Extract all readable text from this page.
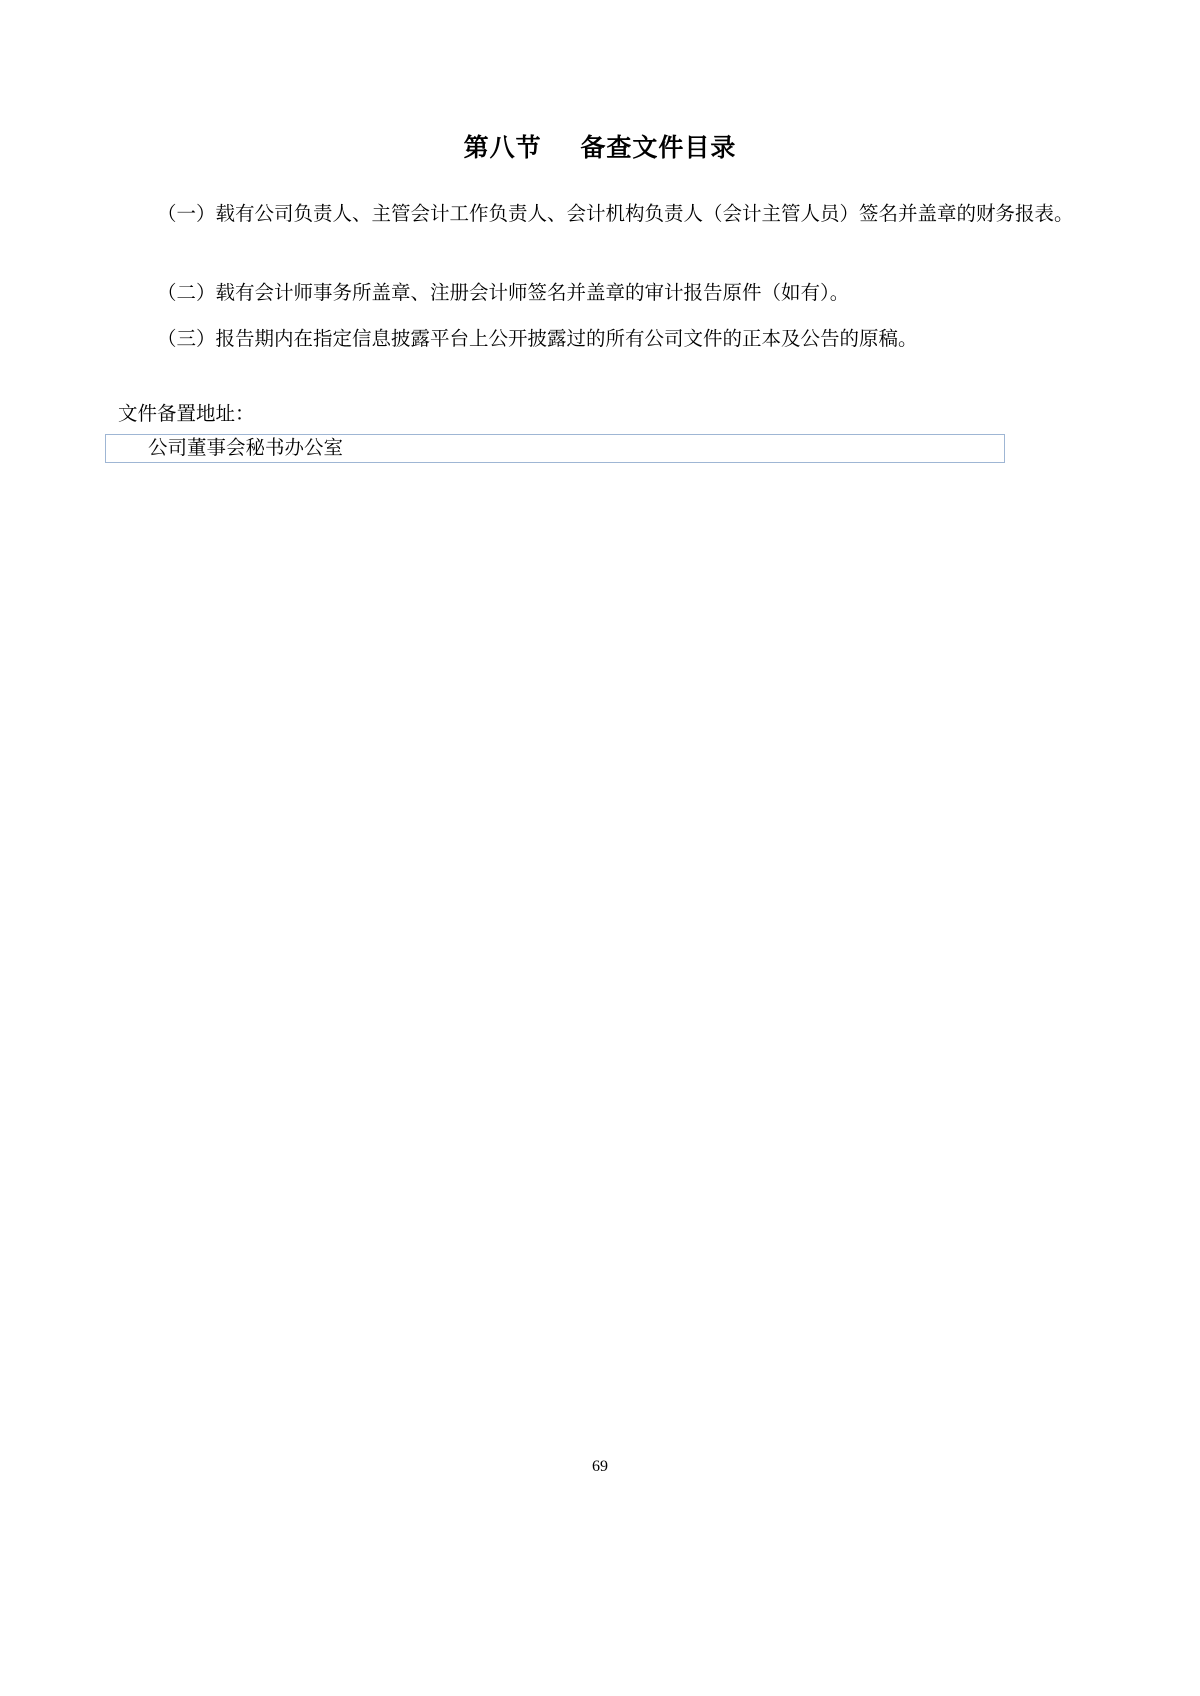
第八节    备查文件目录

（一）载有公司负责人、主管会计工作负责人、会计机构负责人（会计主管人员）签名并盖章的财务报表。

（二）载有会计师事务所盖章、注册会计师签名并盖章的审计报告原件（如有）。

（三）报告期内在指定信息披露平台上公开披露过的所有公司文件的正本及公告的原稿。

文件备置地址：
公司董事会秘书办公室
69
